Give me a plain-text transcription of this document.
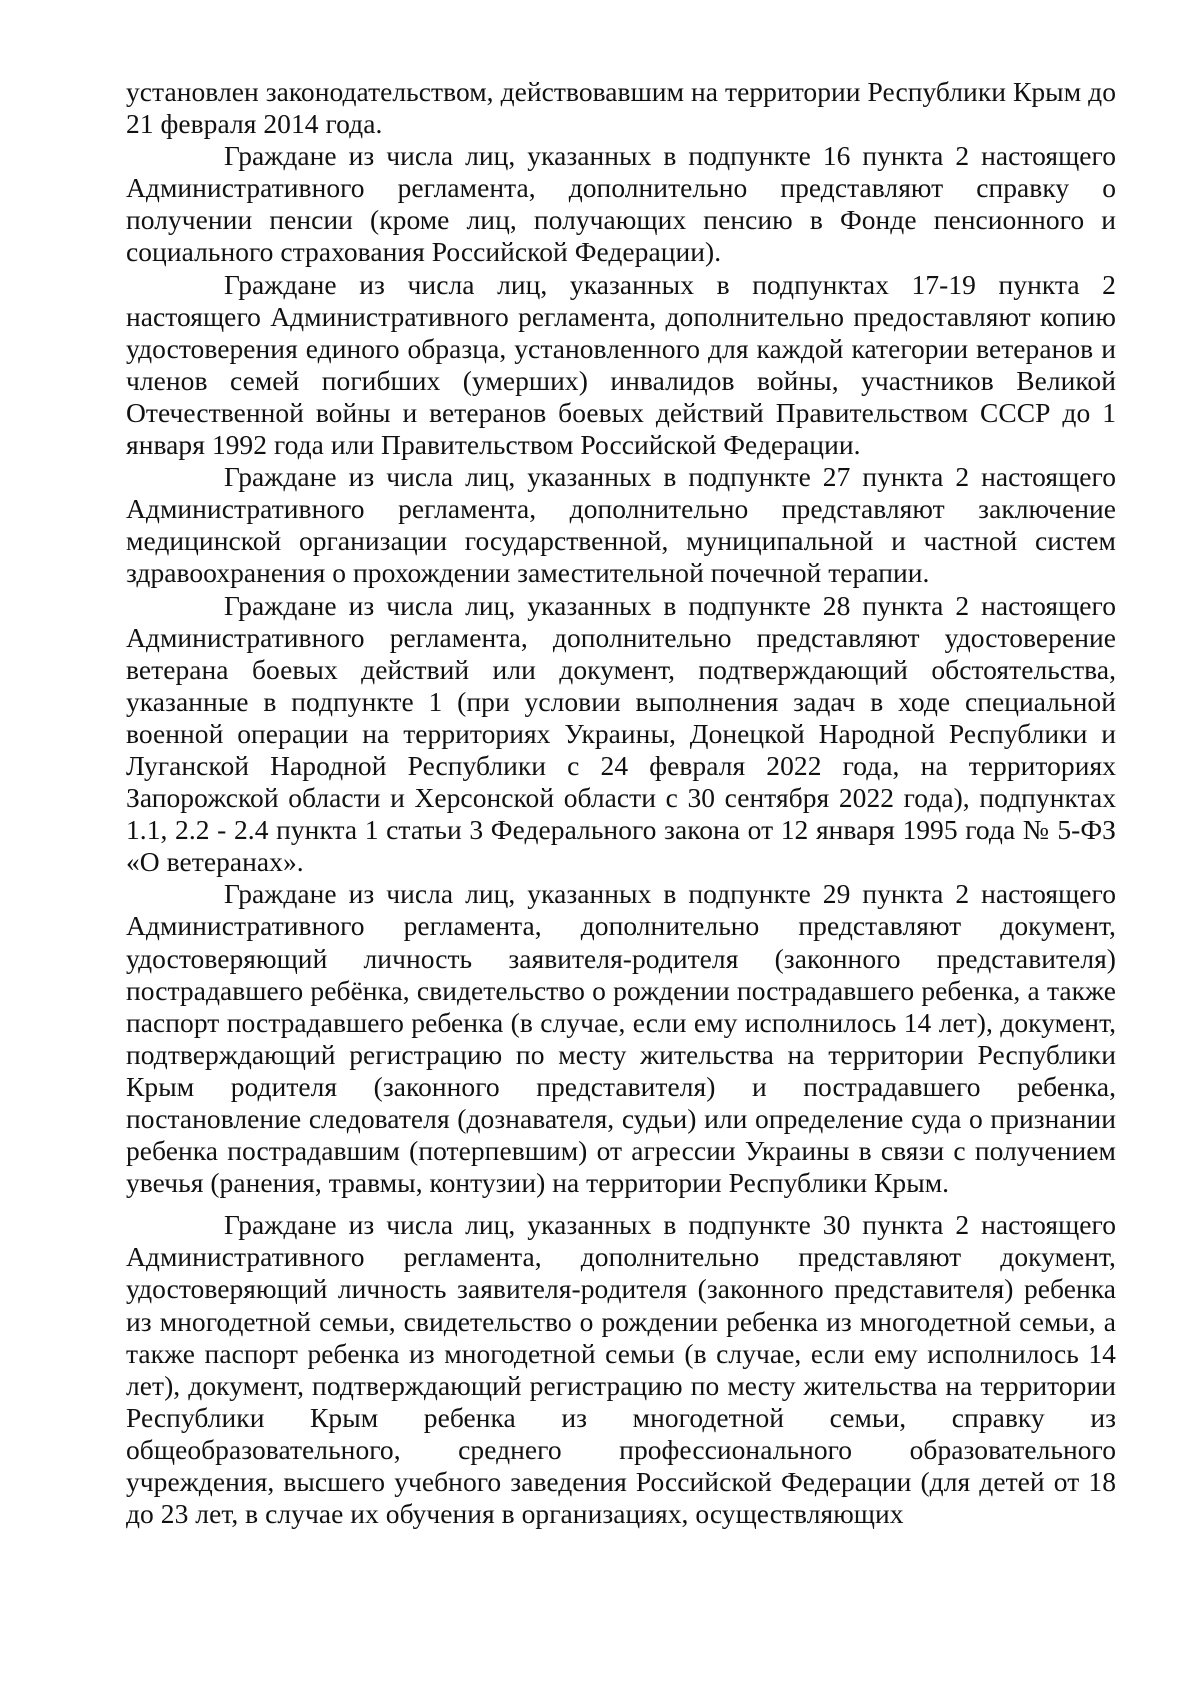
установлен законодательством, действовавшим на территории Республики Крым до 21 февраля 2014 года.

Граждане из числа лиц, указанных в подпункте 16 пункта 2 настоящего Административного регламента, дополнительно представляют справку о получении пенсии (кроме лиц, получающих пенсию в Фонде пенсионного и социального страхования Российской Федерации).

Граждане из числа лиц, указанных в подпунктах 17-19 пункта 2 настоящего Административного регламента, дополнительно предоставляют копию удостоверения единого образца, установленного для каждой категории ветеранов и членов семей погибших (умерших) инвалидов войны, участников Великой Отечественной войны и ветеранов боевых действий Правительством СССР до 1 января 1992 года или Правительством Российской Федерации.

Граждане из числа лиц, указанных в подпункте 27 пункта 2 настоящего Административного регламента, дополнительно представляют заключение медицинской организации государственной, муниципальной и частной систем здравоохранения о прохождении заместительной почечной терапии.

Граждане из числа лиц, указанных в подпункте 28 пункта 2 настоящего Административного регламента, дополнительно представляют удостоверение ветерана боевых действий или документ, подтверждающий обстоятельства, указанные в подпункте 1 (при условии выполнения задач в ходе специальной военной операции на территориях Украины, Донецкой Народной Республики и Луганской Народной Республики с 24 февраля 2022 года, на территориях Запорожской области и Херсонской области с 30 сентября 2022 года), подпунктах 1.1, 2.2 - 2.4 пункта 1 статьи 3 Федерального закона от 12 января 1995 года № 5-ФЗ «О ветеранах».

Граждане из числа лиц, указанных в подпункте 29 пункта 2 настоящего Административного регламента, дополнительно представляют документ, удостоверяющий личность заявителя-родителя (законного представителя) пострадавшего ребёнка, свидетельство о рождении пострадавшего ребенка, а также паспорт пострадавшего ребенка (в случае, если ему исполнилось 14 лет), документ, подтверждающий регистрацию по месту жительства на территории Республики Крым родителя (законного представителя) и пострадавшего ребенка, постановление следователя (дознавателя, судьи) или определение суда о признании ребенка пострадавшим (потерпевшим) от агрессии Украины в связи с получением увечья (ранения, травмы, контузии) на территории Республики Крым.

Граждане из числа лиц, указанных в подпункте 30 пункта 2 настоящего Административного регламента, дополнительно представляют документ, удостоверяющий личность заявителя-родителя (законного представителя) ребенка из многодетной семьи, свидетельство о рождении ребенка из многодетной семьи, а также паспорт ребенка из многодетной семьи (в случае, если ему исполнилось 14 лет), документ, подтверждающий регистрацию по месту жительства на территории Республики Крым ребенка из многодетной семьи, справку из общеобразовательного, среднего профессионального образовательного учреждения, высшего учебного заведения Российской Федерации (для детей от 18 до 23 лет, в случае их обучения в организациях, осуществляющих
